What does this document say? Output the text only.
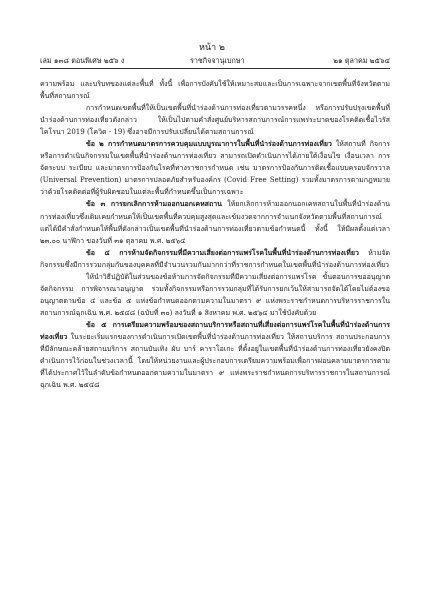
หน้า ๒
เล่ม ๑๓๘ ตอนพิเศษ ๒๕๖ ง	ราชกิจจานุเบกษา	๒๑ ตุลาคม ๒๕๖๔

ความพร้อม และบริบทของแต่ละพื้นที่ ทั้งนี้ เพื่อการบังคับใช้ให้เหมาะสมและเป็นการเฉพาะจากเขตพื้นที่จังหวัดตามพื้นที่สถานการณ์

การกำหนดเขตพื้นที่ให้เป็นเขตพื้นที่นำร่องด้านการท่องเที่ยวตามวรรคหนึ่ง หรือการปรับปรุงเขตพื้นที่นำร่องด้านการท่องเที่ยวดังกล่าว ให้เป็นไปตามคำสั่งศูนย์บริหารสถานการณ์การแพร่ระบาดของโรคติดเชื้อไวรัสโคโรนา 2019 (โควิด - 19) ซึ่งอาจมีการปรับเปลี่ยนได้ตามสถานการณ์

ข้อ ๒ การกำหนดมาตรการควบคุมแบบบูรณาการในพื้นที่นำร่องด้านการท่องเที่ยว ให้สถานที่ กิจการ หรือการดำเนินกิจกรรมในเขตพื้นที่นำร่องด้านการท่องเที่ยว สามารถเปิดดำเนินการได้ภายใต้เงื่อนไข เงื่อนเวลา การจัดระบบ ระเบียบ และมาตรการป้องกันโรคที่ทางราชการกำหนด เช่น มาตรการป้องกันการติดเชื้อแบบครอบจักรวาล (Universal Prevention) มาตรการปลอดภัยสำหรับองค์กร (Covid Free Setting) รวมทั้งมาตรการตามกฎหมายว่าด้วยโรคติดต่อที่ผู้รับผิดชอบในแต่ละพื้นที่กำหนดขึ้นเป็นการเฉพาะ

ข้อ ๓ การยกเลิกการห้ามออกนอกเคหสถาน ให้ยกเลิกการห้ามออกนอกเคหสถานในพื้นที่นำร่องด้านการท่องเที่ยวซึ่งเดิมเคยกำหนดให้เป็นเขตพื้นที่ควบคุมสูงสุดและเข้มงวดจากการจำแนกจังหวัดตามพื้นที่สถานการณ์ แต่ได้มีคำสั่งกำหนดให้พื้นที่ดังกล่าวเป็นเขตพื้นที่นำร่องด้านการท่องเที่ยวตามข้อกำหนดนี้ ทั้งนี้ ให้มีผลตั้งแต่เวลา ๒๓.๐๐ นาฬิกา ของวันที่ ๓๑ ตุลาคม พ.ศ. ๒๕๖๔

ข้อ ๔ การห้ามจัดกิจกรรมที่มีความเสี่ยงต่อการแพร่โรคในพื้นที่นำร่องด้านการท่องเที่ยว ห้ามจัดกิจกรรมซึ่งมีการรวมกลุ่มกันของบุคคลที่มีจำนวนรวมกันมากกว่าที่ราชการกำหนดในเขตพื้นที่นำร่องด้านการท่องเที่ยว

ให้นำวิธีปฏิบัติในส่วนของข้อห้ามการจัดกิจกรรมที่มีความเสี่ยงต่อการแพร่โรค ขั้นตอนการขออนุญาตจัดกิจกรรม การพิจารณาอนุญาต รวมทั้งกิจกรรมหรือการรวมกลุ่มที่ได้รับการยกเว้นให้สามารถจัดได้โดยไม่ต้องขออนุญาตตามข้อ ๔ และข้อ ๕ แห่งข้อกำหนดออกตามความในมาตรา ๙ แห่งพระราชกำหนดการบริหารราชการในสถานการณ์ฉุกเฉิน พ.ศ. ๒๕๔๘ (ฉบับที่ ๓๐) ลงวันที่ ๑ สิงหาคม พ.ศ. ๒๕๖๔ มาใช้บังคับด้วย

ข้อ ๕ การเตรียมความพร้อมของสถานบริการหรือสถานที่เสี่ยงต่อการแพร่โรคในพื้นที่นำร่องด้านการท่องเที่ยว ในระยะเริ่มแรกของการดำเนินการเปิดเขตพื้นที่นำร่องด้านการท่องเที่ยว ให้สถานบริการ สถานประกอบการที่มีลักษณะคล้ายสถานบริการ สถานบันเทิง ผับ บาร์ คาราโอเกะ ที่ตั้งอยู่ในเขตพื้นที่นำร่องด้านการท่องเที่ยวยังคงปิดดำเนินการไว้ก่อนในช่วงเวลานี้ โดยให้หน่วยงานและผู้ประกอบการเตรียมความพร้อมเพื่อการผ่อนคลายมาตรการตามที่ได้ประกาศไว้ในลำดับข้อกำหนดออกตามความในมาตรา ๙ แห่งพระราชกำหนดการบริหารราชการในสถานการณ์ฉุกเฉิน พ.ศ. ๒๕๔๘
